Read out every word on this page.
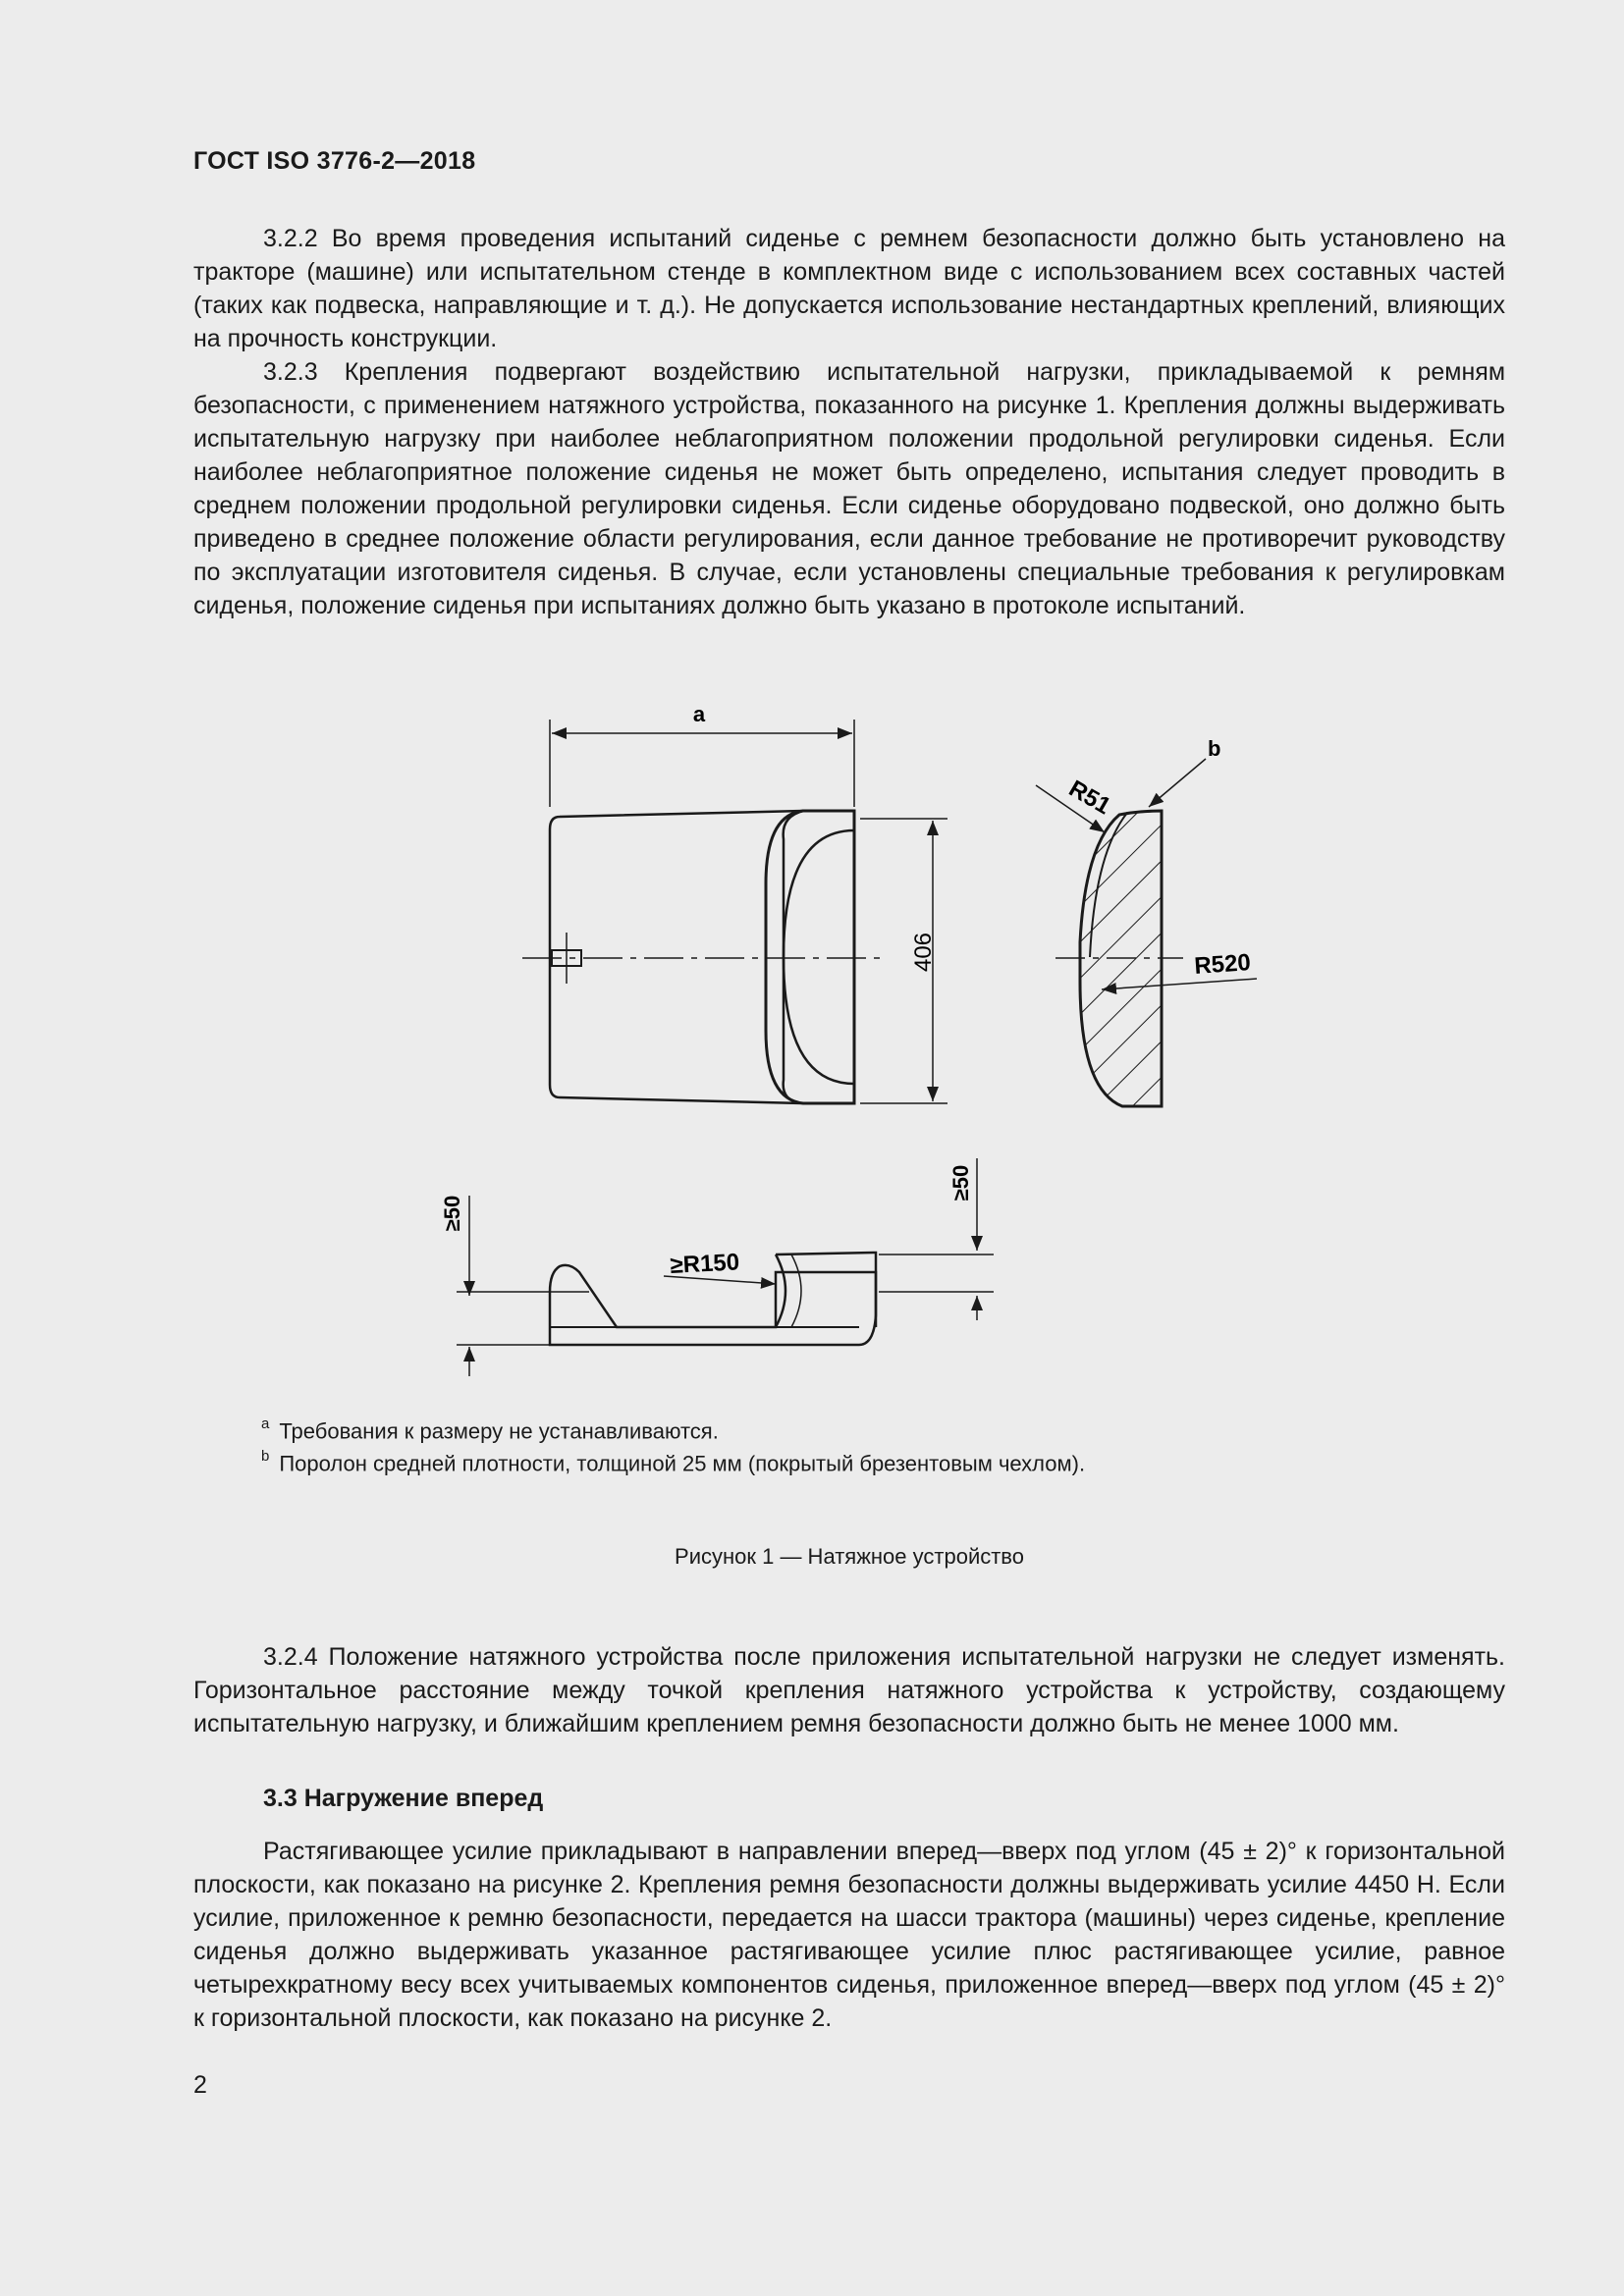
ГОСТ ISO 3776-2—2018

3.2.2 Во время проведения испытаний сиденье с ремнем безопасности должно быть установлено на тракторе (машине) или испытательном стенде в комплектном виде с использованием всех составных частей (таких как подвеска, направляющие и т. д.). Не допускается использование нестандартных креплений, влияющих на прочность конструкции.

3.2.3 Крепления подвергают воздействию испытательной нагрузки, прикладываемой к ремням безопасности, с применением натяжного устройства, показанного на рисунке 1. Крепления должны выдерживать испытательную нагрузку при наиболее неблагоприятном положении продольной регулировки сиденья. Если наиболее неблагоприятное положение сиденья не может быть определено, испытания следует проводить в среднем положении продольной регулировки сиденья. Если сиденье оборудовано подвеской, оно должно быть приведено в среднее положение области регулирования, если данное требование не противоречит руководству по эксплуатации изготовителя сиденья. В случае, если установлены специальные требования к регулировкам сиденья, положение сиденья при испытаниях должно быть указано в протоколе испытаний.

406
a
R51
b
R520
≥50
≥50
≥R150
$^a$ Требования к размеру не устанавливаются.
$^b$ Поролон средней плотности, толщиной 25 мм (покрытый брезентовым чехлом).
Рисунок 1 — Натяжное устройство

3.2.4 Положение натяжного устройства после приложения испытательной нагрузки не следует изменять. Горизонтальное расстояние между точкой крепления натяжного устройства к устройству, создающему испытательную нагрузку, и ближайшим креплением ремня безопасности должно быть не менее 1000 мм.

3.3 Нагружение вперед

Растягивающее усилие прикладывают в направлении вперед—вверх под углом (45 ± 2)° к горизонтальной плоскости, как показано на рисунке 2. Крепления ремня безопасности должны выдерживать усилие 4450 Н. Если усилие, приложенное к ремню безопасности, передается на шасси трактора (машины) через сиденье, крепление сиденья должно выдерживать указанное растягивающее усилие плюс растягивающее усилие, равное четырехкратному весу всех учитываемых компонентов сиденья, приложенное вперед—вверх под углом (45 ± 2)° к горизонтальной плоскости, как показано на рисунке 2.

2
